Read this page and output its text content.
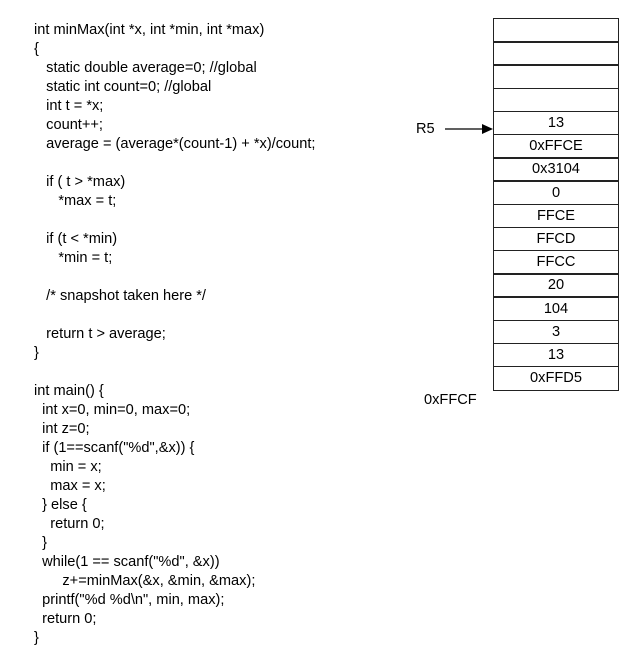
int minMax(int *x, int *min, int *max)
{
static double average=0; //global
static int count=0; //global
int t = *x;
count++;
average = (average*(count-1) + *x)/count;
if ( t > *max)
*max = t;
if (t < *min)
*min = t;
/* snapshot taken here */
return t > average;
}
int main() {
int x=0, min=0, max=0;
int z=0;
if (1==scanf("%d",&x)) {
min = x;
max = x;
} else {
return 0;
}
while(1 == scanf("%d", &x))
z+=minMax(&x, &min, &max);
printf("%d %d\n", min, max);
return 0;
}
13
0xFFCE
0x3104
0
FFCE
FFCD
FFCC
20
104
3
13
0xFFD5
R5
0xFFCF
